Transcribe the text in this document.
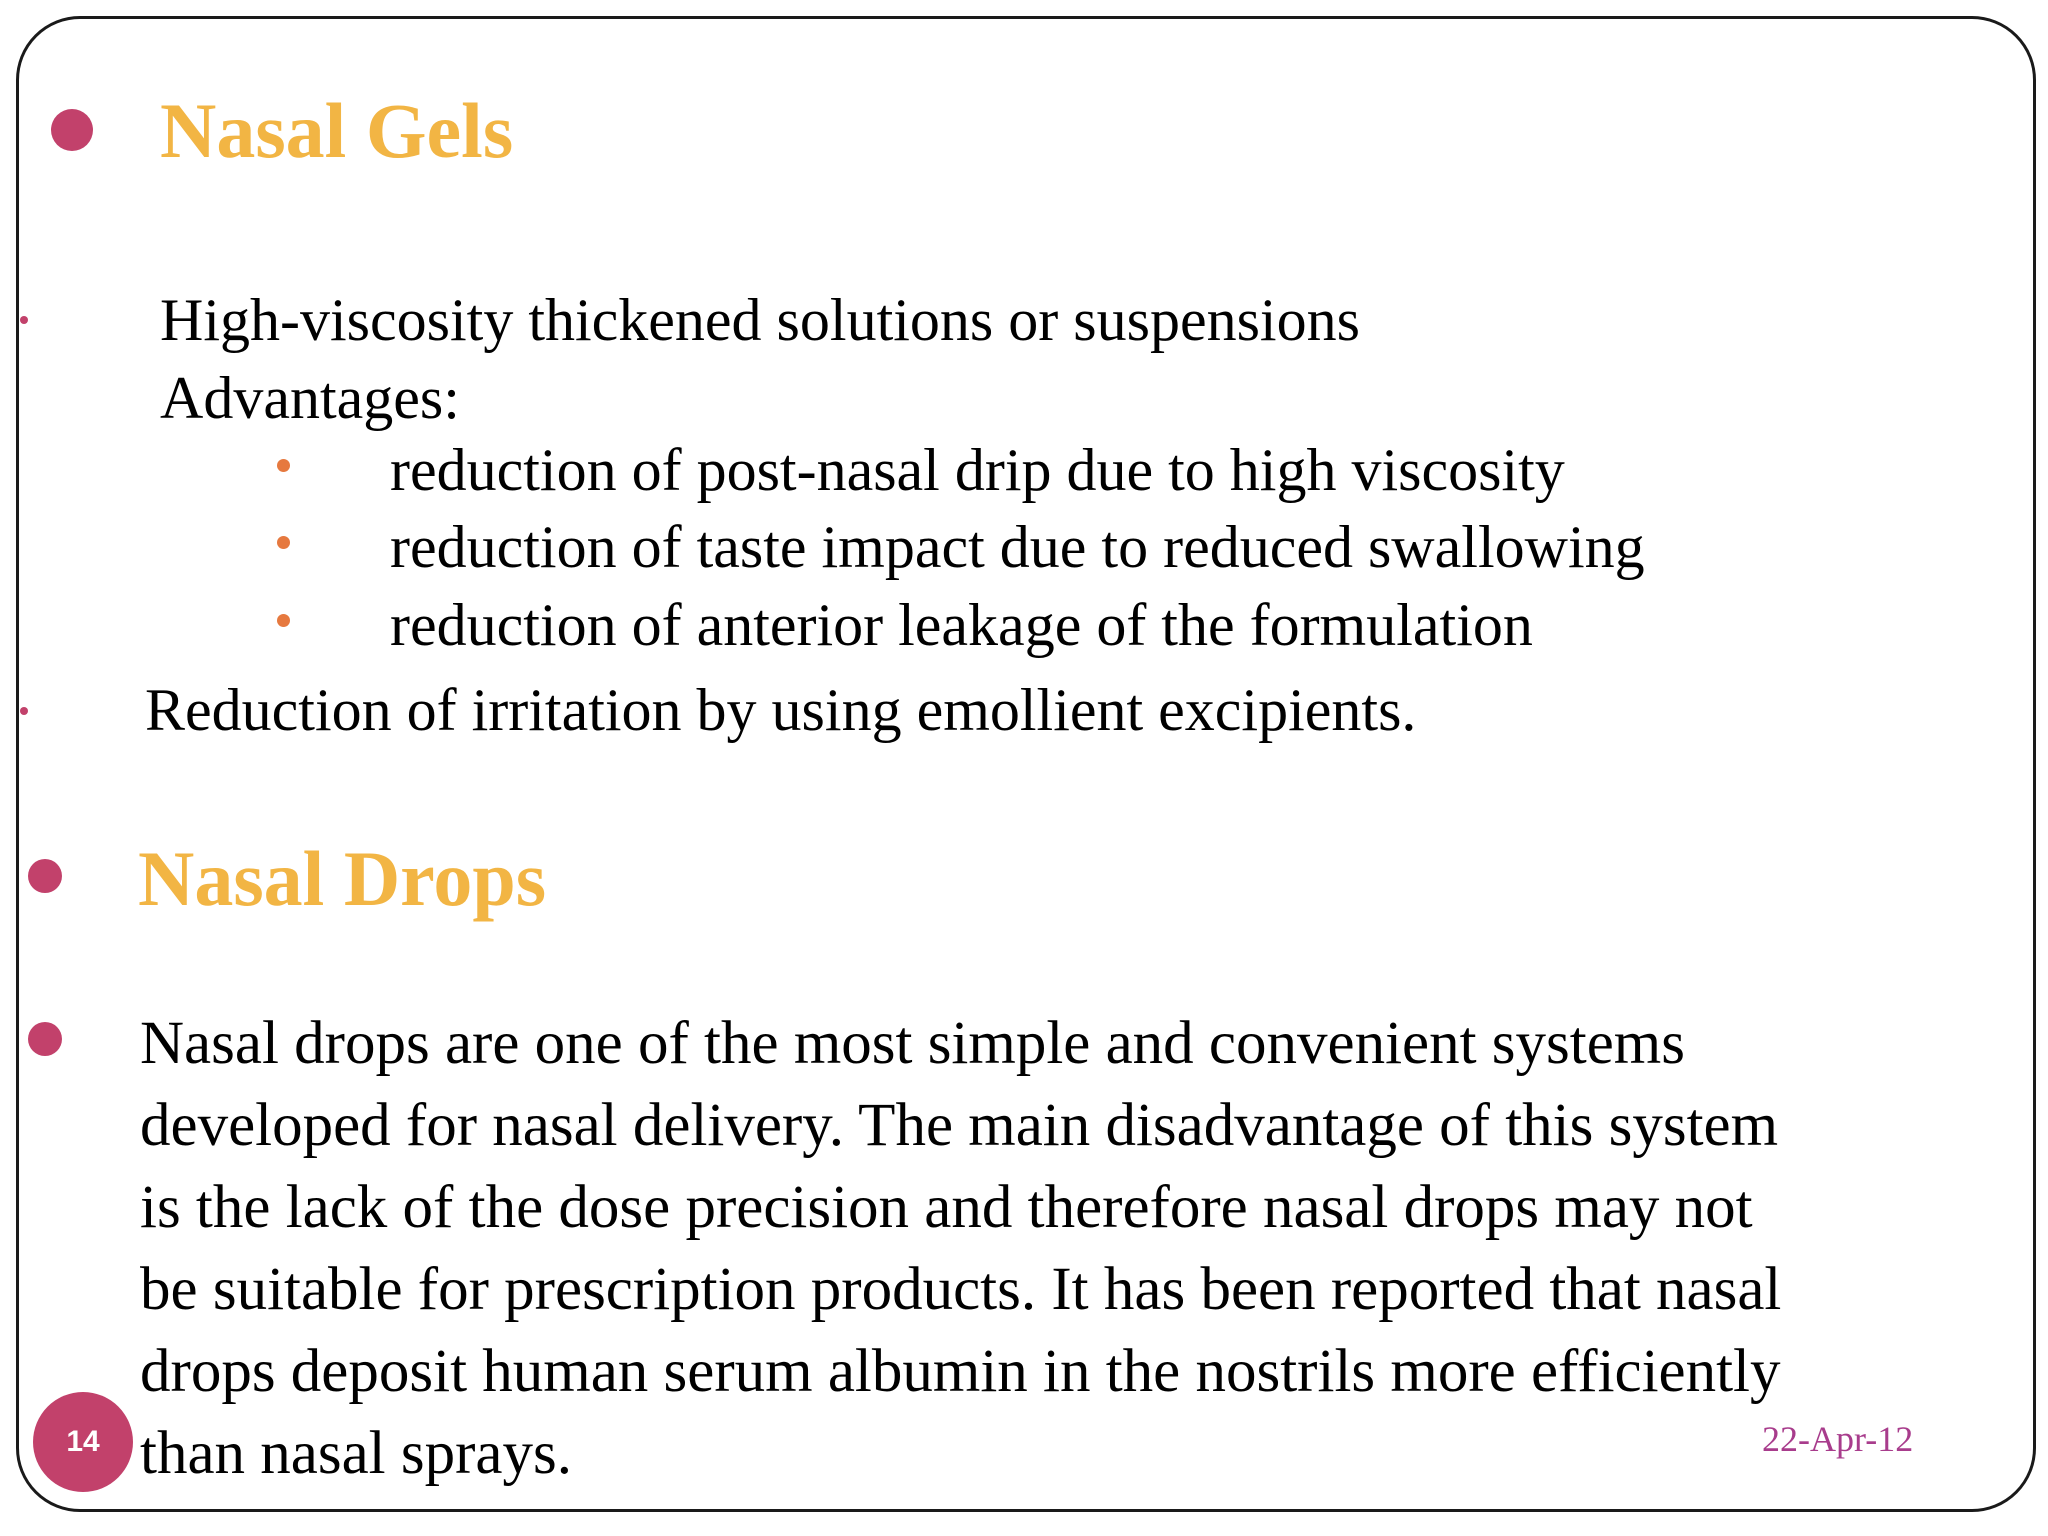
Nasal Gels
High-viscosity thickened solutions or suspensions
Advantages:
reduction of post-nasal drip due to high viscosity
reduction of taste impact due to reduced swallowing
reduction of anterior leakage of the formulation
Reduction of irritation by using emollient excipients.
Nasal Drops
Nasal drops are one of the most simple and convenient systems
developed for nasal delivery. The main disadvantage of this system
is the lack of the dose precision and therefore nasal drops may not
be suitable for prescription products. It has been reported that nasal
drops deposit human serum albumin in the nostrils more efficiently
than nasal sprays.
14	22-Apr-12
